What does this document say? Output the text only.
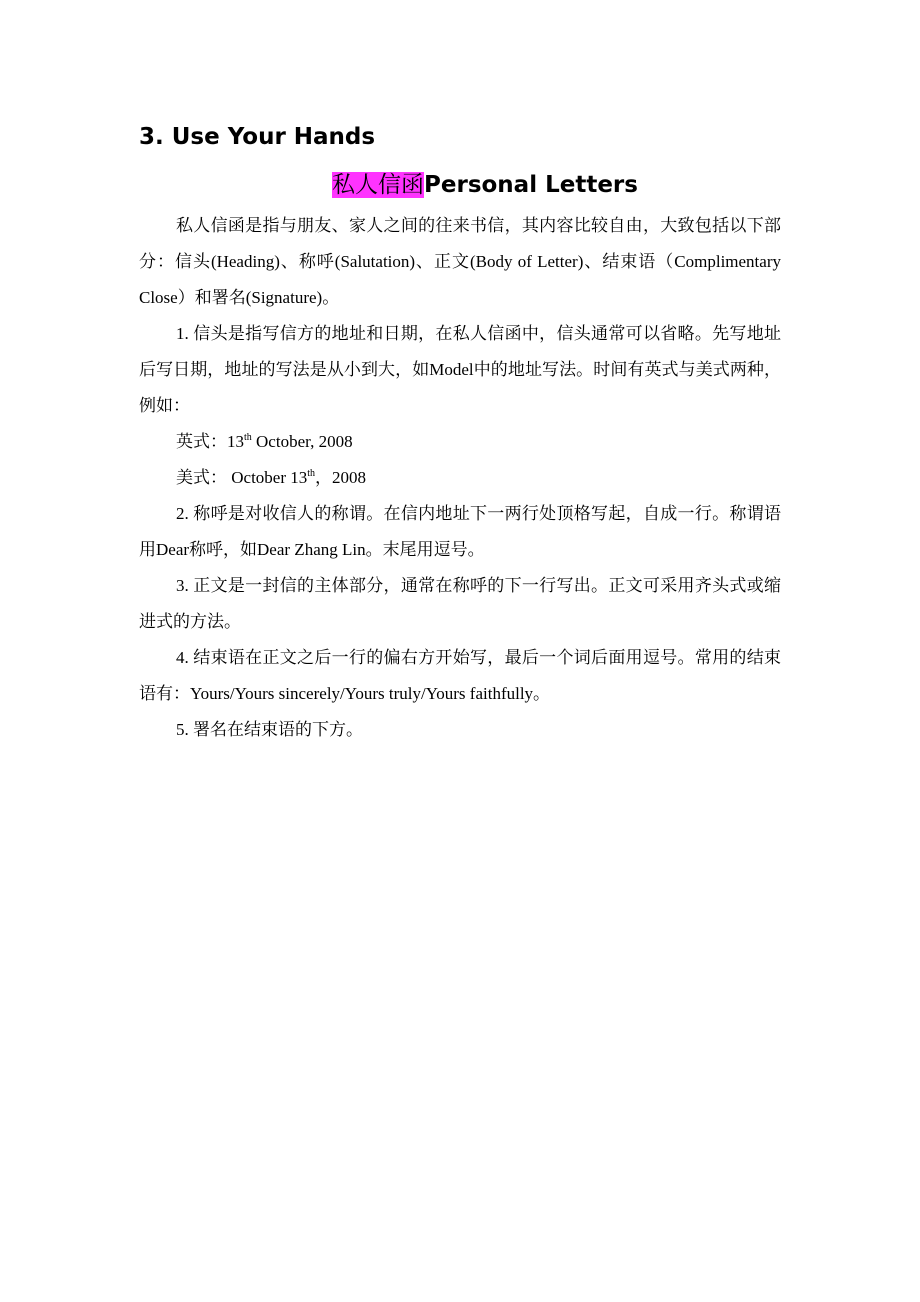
3. Use Your Hands
私人信函Personal Letters

私人信函是指与朋友、家人之间的往来书信，其内容比较自由，大致包括以下部分：信头(Heading)、称呼(Salutation)、正文(Body of Letter)、结束语（Complimentary Close）和署名(Signature)。

1. 信头是指写信方的地址和日期，在私人信函中，信头通常可以省略。先写地址后写日期，地址的写法是从小到大，如Model中的地址写法。时间有英式与美式两种，例如：

英式：13th October, 2008

美式： October 13th，2008

2. 称呼是对收信人的称谓。在信内地址下一两行处顶格写起，自成一行。称谓语用Dear称呼，如Dear Zhang Lin。末尾用逗号。

3. 正文是一封信的主体部分，通常在称呼的下一行写出。正文可采用齐头式或缩进式的方法。

4. 结束语在正文之后一行的偏右方开始写，最后一个词后面用逗号。常用的结束语有：Yours/Yours sincerely/Yours truly/Yours faithfully。

5. 署名在结束语的下方。
